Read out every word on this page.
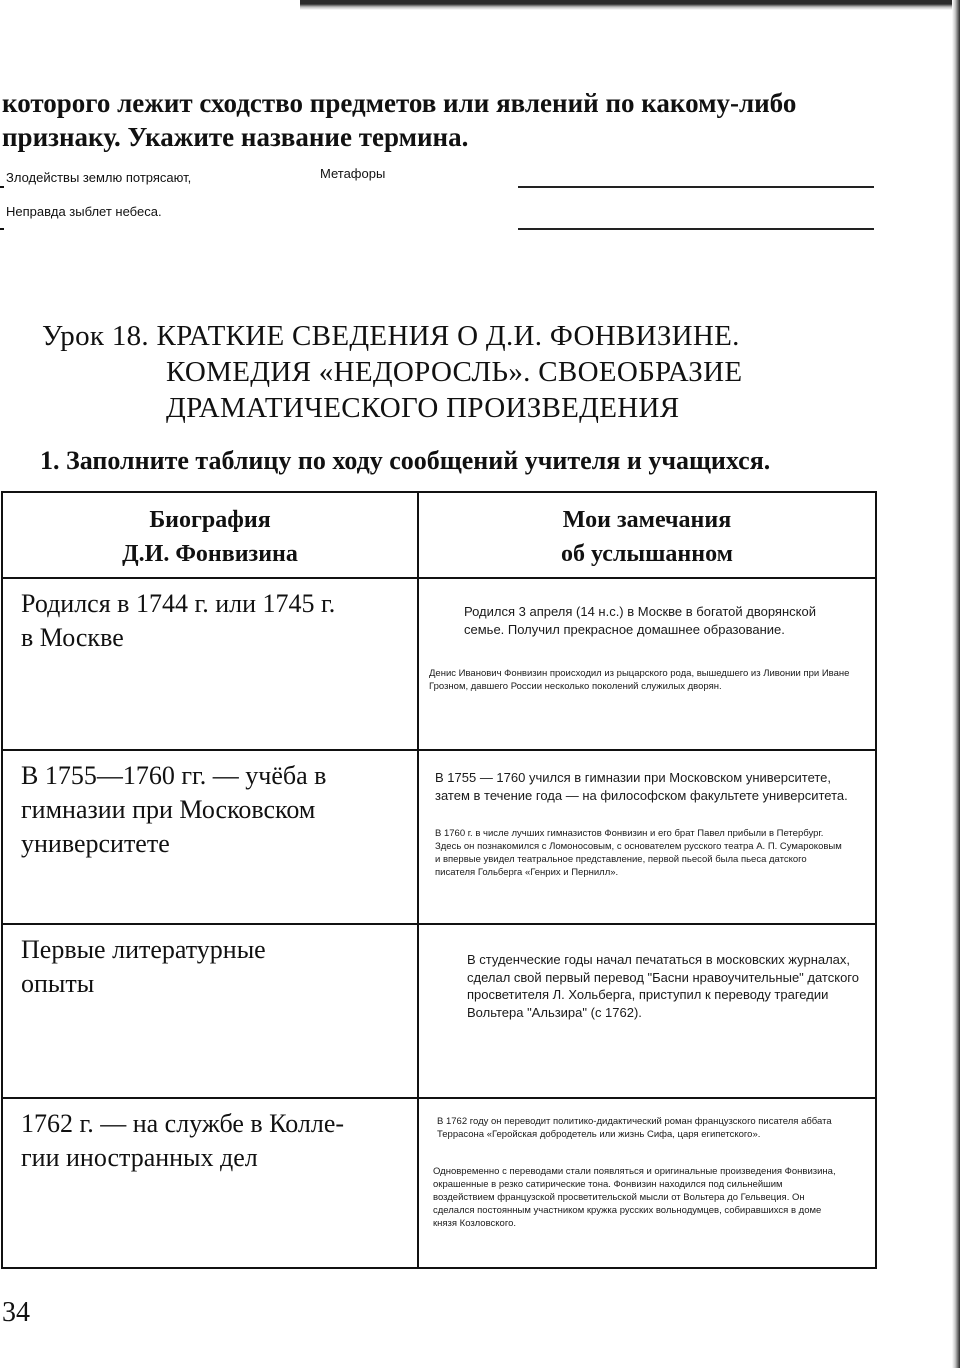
которого лежит сходство предметов или явлений по какому-либо признаку. Укажите название термина.

Злодействы землю потрясают,	Метафоры
Неправда зыблет небеса.
Урок 18. КРАТКИЕ СВЕДЕНИЯ О Д.И. ФОНВИЗИНЕ.
КОМЕДИЯ «НЕДОРОСЛЬ». СВОЕОБРАЗИЕ
ДРАМАТИЧЕСКОГО ПРОИЗВЕДЕНИЯ

1. Заполните таблицу по ходу сообщений учителя и учащихся.

Биография
Д.И. Фонвизина
Мои замечания
об услышанном
Родился в 1744 г. или 1745 г.
в Москве
Родился 3 апреля (14 н.с.) в Москве в богатой дворянской семье. Получил прекрасное домашнее образование.
Денис Иванович Фонвизин происходил из рыцарского рода, вышедшего из Ливонии при Иване Грозном, давшего России несколько поколений служилых дворян.
В 1755—1760 гг. — учёба в
гимназии при Московском
университете
В 1755 — 1760 учился в гимназии при Московском университете, затем в течение года — на философском факультете университета.
В 1760 г. в числе лучших гимназистов Фонвизин и его брат Павел прибыли в Петербург. Здесь он познакомился с Ломоносовым, с основателем русского театра А. П. Сумароковым и впервые увидел театральное представление, первой пьесой была пьеса датского писателя Гольберга «Генрих и Пернилл».
Первые литературные
опыты
В студенческие годы начал печататься в московских журналах, сделал свой первый перевод "Басни нравоучительные" датского просветителя Л. Хольберга, приступил к переводу трагедии Вольтера "Альзира" (с 1762).
1762 г. — на службе в Колле-
гии иностранных дел
В 1762 году он переводит политико-дидактический роман французского писателя аббата Террасона «Геройская добродетель или жизнь Сифа, царя египетского».
Одновременно с переводами стали появляться и оригинальные произведения Фонвизина, окрашенные в резко сатирические тона. Фонвизин находился под сильнейшим воздействием французской просветительской мысли от Вольтера до Гельвеция. Он сделался постоянным участником кружка русских вольнодумцев, собиравшихся в доме князя Козловского.

34
